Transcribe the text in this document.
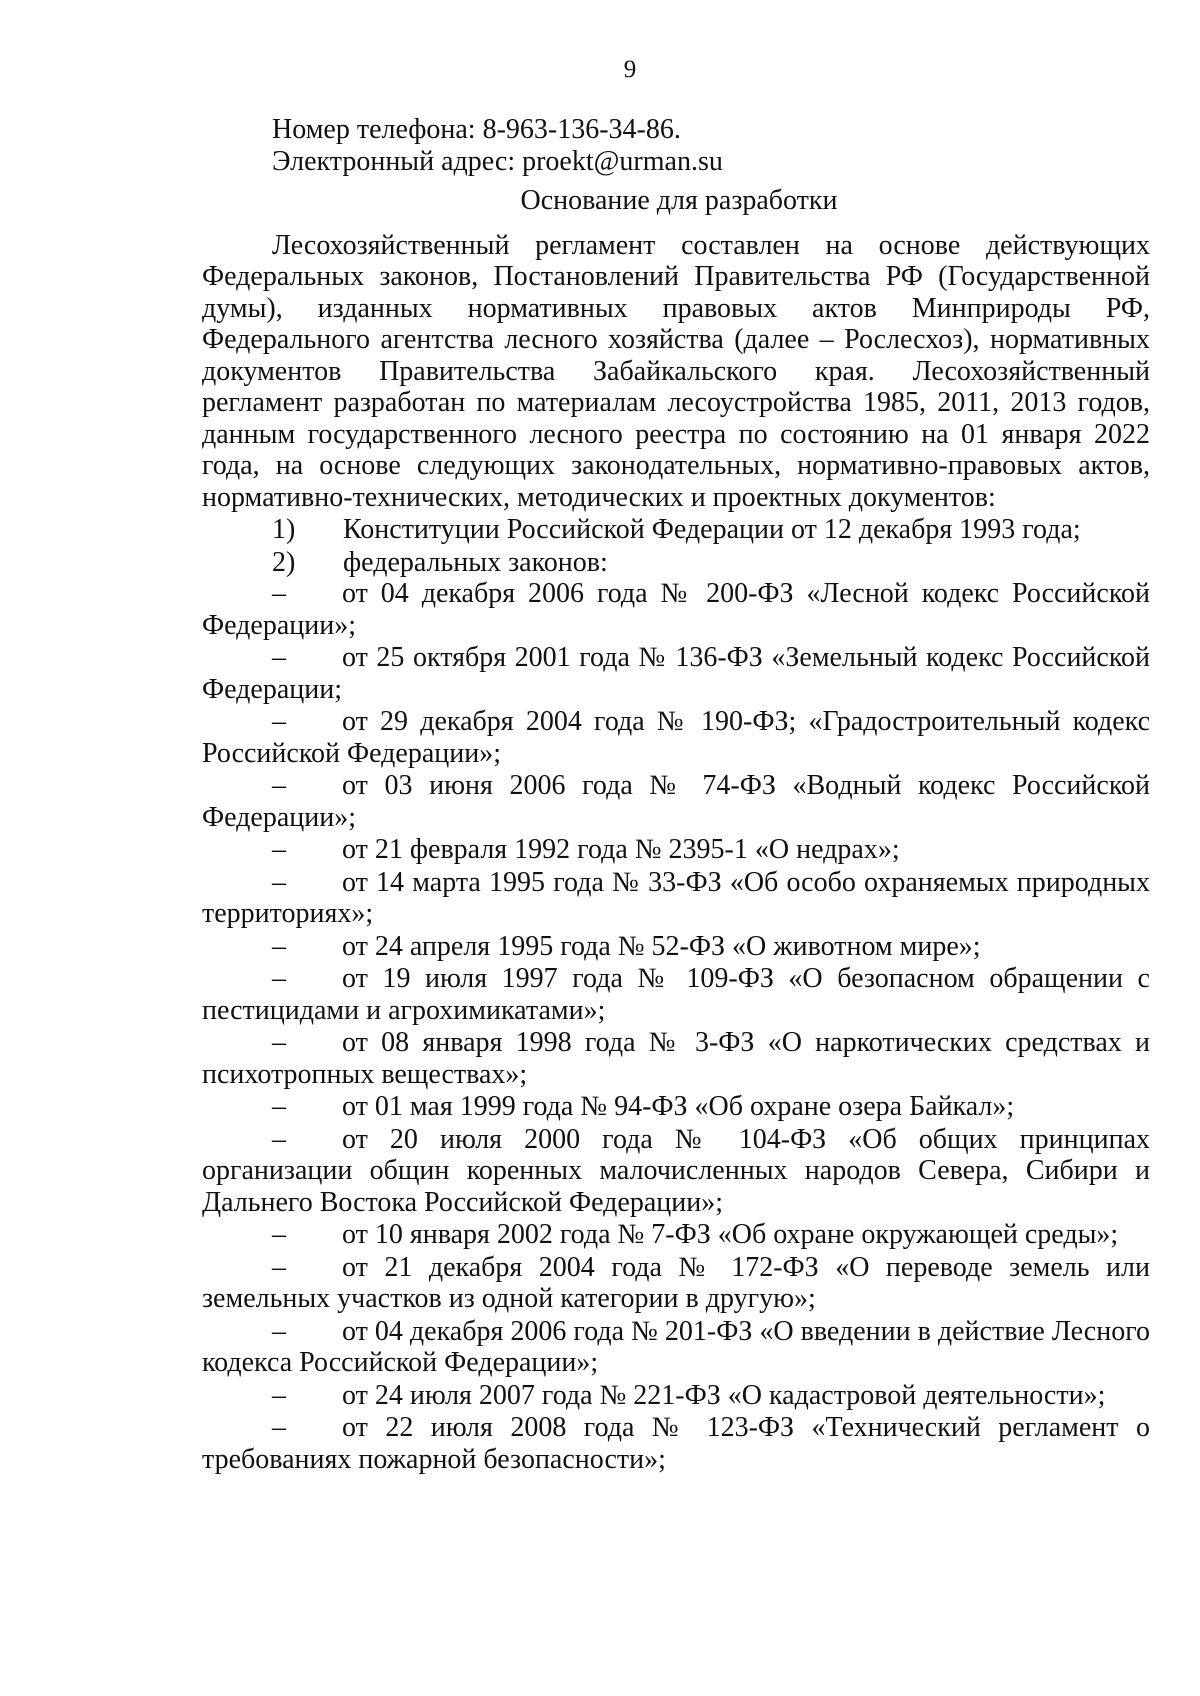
9

Номер телефона: 8-963-136-34-86.

Электронный адрес: proekt@urman.su

Основание для разработки

Лесохозяйственный регламент составлен на основе действующих Федеральных законов, Постановлений Правительства РФ (Государственной думы), изданных нормативных правовых актов Минприроды РФ, Федерального агентства лесного хозяйства (далее – Рослесхоз), нормативных документов Правительства Забайкальского края. Лесохозяйственный регламент разработан по материалам лесоустройства 1985, 2011, 2013 годов, данным государственного лесного реестра по состоянию на 01 января 2022 года, на основе следующих законодательных, нормативно-правовых актов, нормативно-технических, методических и проектных документов:

1)	Конституции Российской Федерации от 12 декабря 1993 года;
2)	федеральных законов:

– от 04 декабря 2006 года № 200-ФЗ «Лесной кодекс Российской Федерации»;

– от 25 октября 2001 года № 136-ФЗ «Земельный кодекс Российской Федерации;

– от 29 декабря 2004 года № 190-ФЗ; «Градостроительный кодекс Российской Федерации»;

– от 03 июня 2006 года № 74-ФЗ «Водный кодекс Российской Федерации»;

– от 21 февраля 1992 года № 2395-1 «О недрах»;

– от 14 марта 1995 года № 33-ФЗ «Об особо охраняемых природных территориях»;

– от 24 апреля 1995 года № 52-ФЗ «О животном мире»;

– от 19 июля 1997 года № 109-ФЗ «О безопасном обращении с пестицидами и агрохимикатами»;

– от 08 января 1998 года № 3-ФЗ «О наркотических средствах и психотропных веществах»;

– от 01 мая 1999 года № 94-ФЗ «Об охране озера Байкал»;

– от 20 июля 2000 года № 104-ФЗ «Об общих принципах организации общин коренных малочисленных народов Севера, Сибири и Дальнего Востока Российской Федерации»;

– от 10 января 2002 года № 7-ФЗ «Об охране окружающей среды»;

– от 21 декабря 2004 года № 172-ФЗ «О переводе земель или земельных участков из одной категории в другую»;

– от 04 декабря 2006 года № 201-ФЗ «О введении в действие Лесного кодекса Российской Федерации»;

– от 24 июля 2007 года № 221-ФЗ «О кадастровой деятельности»;

– от 22 июля 2008 года № 123-ФЗ «Технический регламент о требованиях пожарной безопасности»;
